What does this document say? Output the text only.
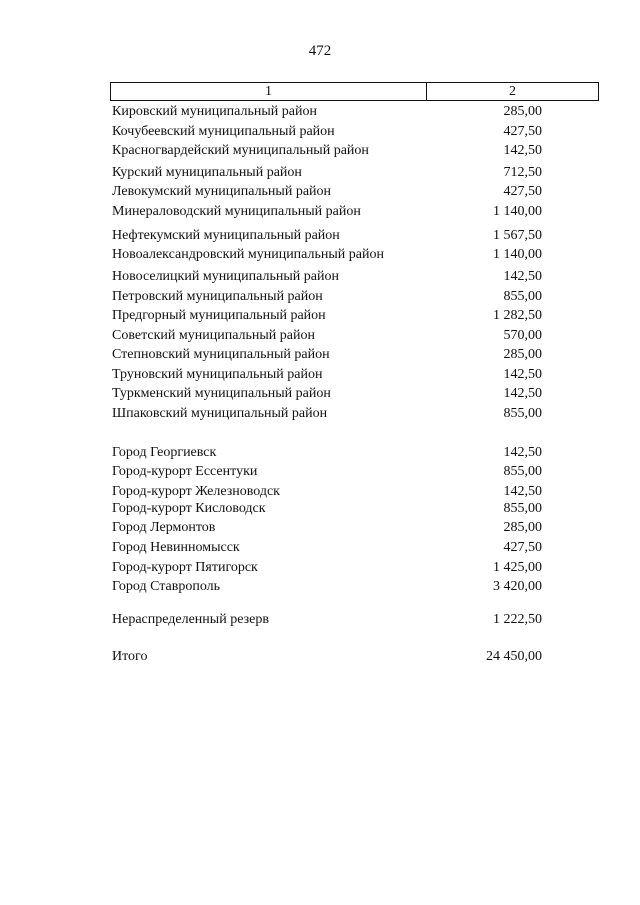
472
1	2
Кировский муниципальный район	285,00
Кочубеевский муниципальный район	427,50
Красногвардейский муниципальный район	142,50
Курский муниципальный район	712,50
Левокумский муниципальный район	427,50
Минераловодский муниципальный район	1 140,00
Нефтекумский муниципальный район	1 567,50
Новоалександровский муниципальный район	1 140,00
Новоселицкий муниципальный район	142,50
Петровский муниципальный район	855,00
Предгорный муниципальный район	1 282,50
Советский муниципальный район	570,00
Степновский муниципальный район	285,00
Труновский муниципальный район	142,50
Туркменский муниципальный район	142,50
Шпаковский муниципальный район	855,00
Город Георгиевск	142,50
Город-курорт Ессентуки	855,00
Город-курорт Железноводск	142,50
Город-курорт Кисловодск	855,00
Город Лермонтов	285,00
Город Невинномысск	427,50
Город-курорт Пятигорск	1 425,00
Город Ставрополь	3 420,00
Нераспределенный резерв	1 222,50
Итого	24 450,00
